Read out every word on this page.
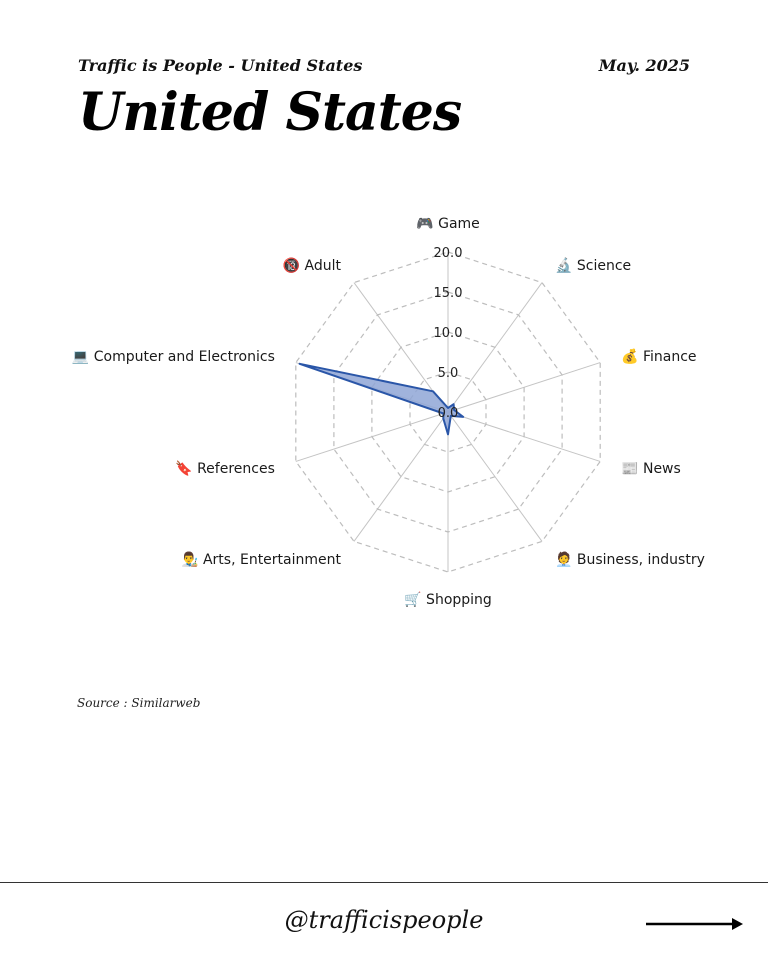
Traffic is People - United States	May. 2025
United States
0.0
5.0
10.0
15.0
20.0
🎮 Game
🔬 Science
💰 Finance
📰 News
🧑‍💼 Business, industry
🛒 Shopping
👨‍🎨 Arts, Entertainment
🔖 References
💻 Computer and Electronics
🔞 Adult
Source : Similarweb
@trafficispeople
